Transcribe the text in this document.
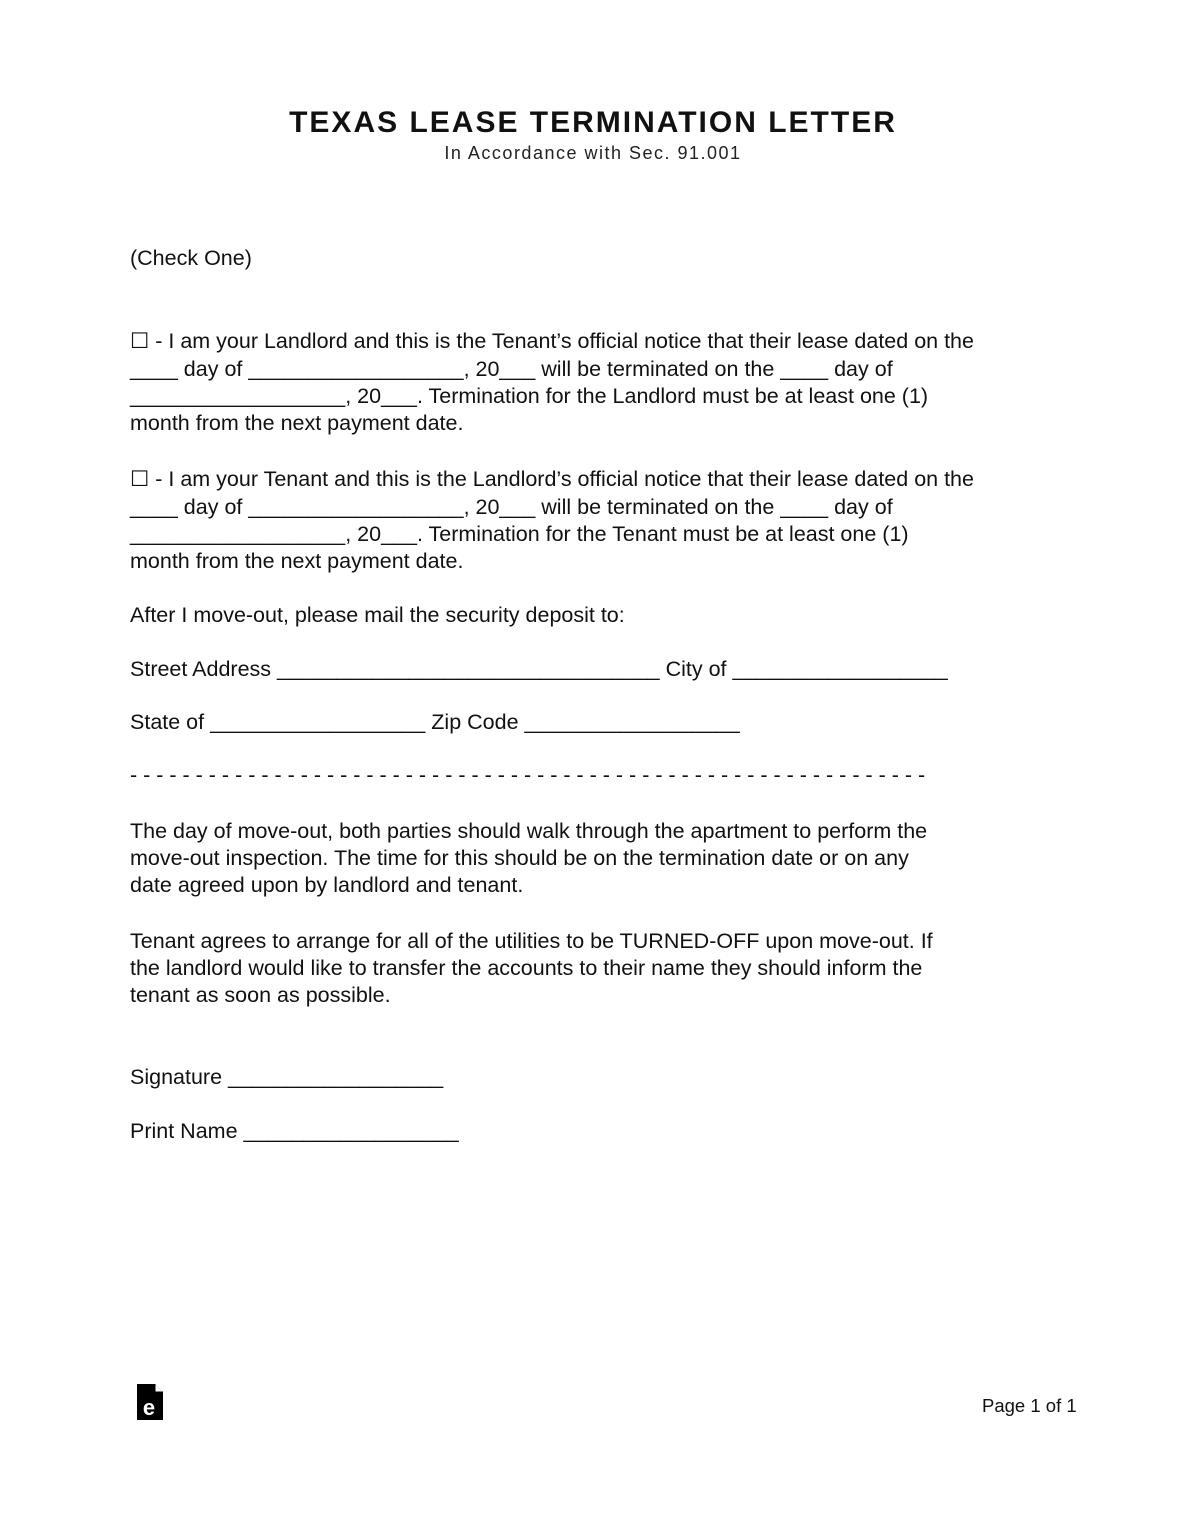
TEXAS LEASE TERMINATION LETTER
In Accordance with Sec. 91.001
(Check One)
☐ - I am your Landlord and this is the Tenant’s official notice that their lease dated on the
____ day of __________________, 20___ will be terminated on the ____ day of
__________________, 20___. Termination for the Landlord must be at least one (1)
month from the next payment date.
☐ - I am your Tenant and this is the Landlord’s official notice that their lease dated on the
____ day of __________________, 20___ will be terminated on the ____ day of
__________________, 20___. Termination for the Tenant must be at least one (1)
month from the next payment date.
After I move-out, please mail the security deposit to:
Street Address ________________________________ City of __________________
State of __________________ Zip Code __________________
- - - - - - - - - - - - - - - - - - - - - - - - - - - - - - - - - - - - - - - - - - - - - - - - - - - - - - - - - - - - -
The day of move-out, both parties should walk through the apartment to perform the
move-out inspection. The time for this should be on the termination date or on any
date agreed upon by landlord and tenant.
Tenant agrees to arrange for all of the utilities to be TURNED-OFF upon move-out. If
the landlord would like to transfer the accounts to their name they should inform the
tenant as soon as possible.
Signature __________________
Print Name __________________
e	Page 1 of 1
